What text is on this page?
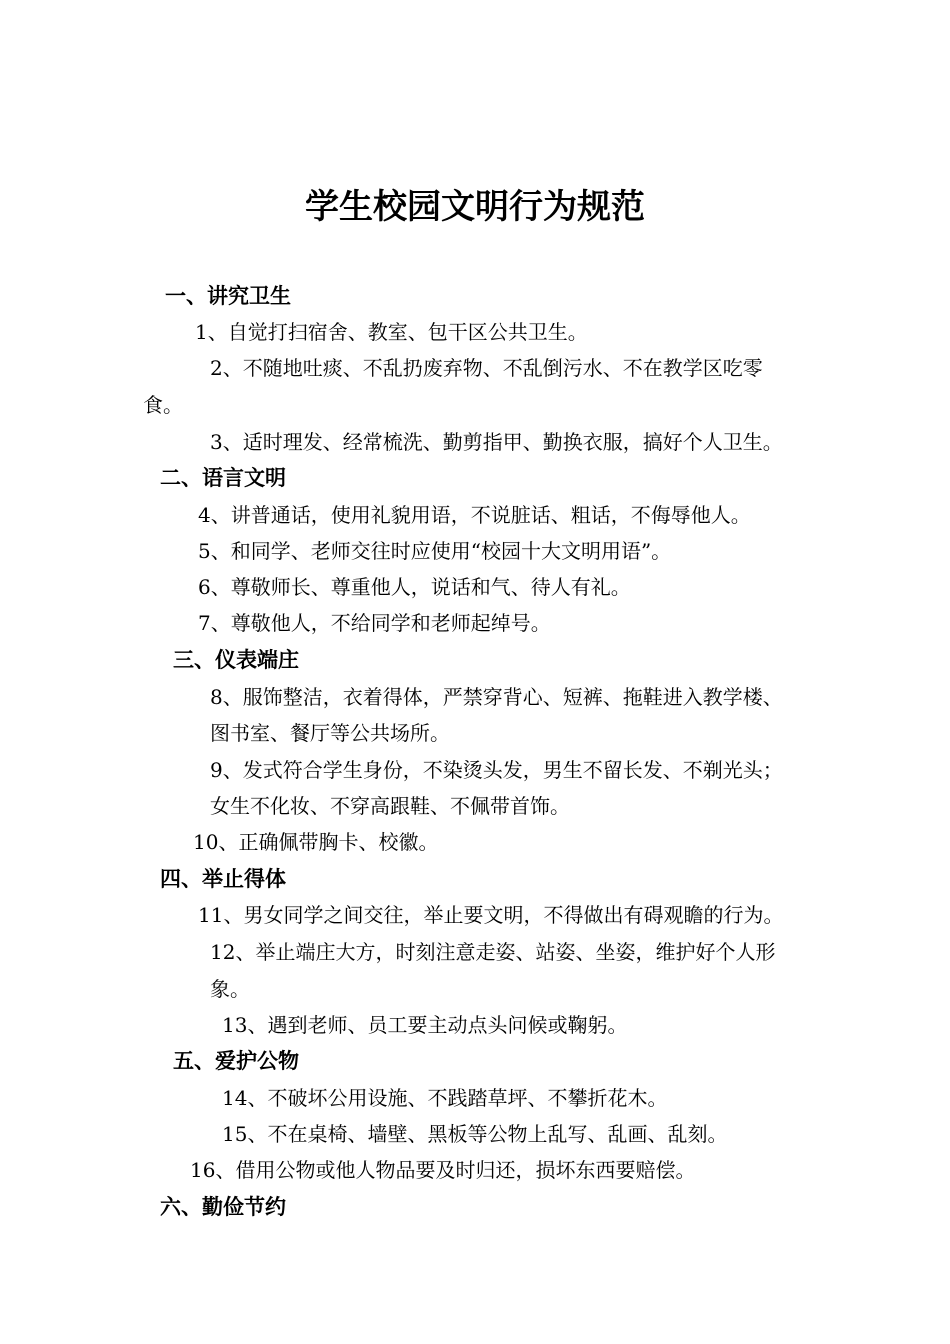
学生校园文明行为规范
一、讲究卫生
1、自觉打扫宿舍、教室、包干区公共卫生。
2、不随地吐痰、不乱扔废弃物、不乱倒污水、不在教学区吃零
食。
3、适时理发、经常梳洗、勤剪指甲、勤换衣服，搞好个人卫生。
二、语言文明
4、讲普通话，使用礼貌用语，不说脏话、粗话，不侮辱他人。
5、和同学、老师交往时应使用“校园十大文明用语”。
6、尊敬师长、尊重他人，说话和气、待人有礼。
7、尊敬他人，不给同学和老师起绰号。
三、仪表端庄
8、服饰整洁，衣着得体，严禁穿背心、短裤、拖鞋进入教学楼、
图书室、餐厅等公共场所。
9、发式符合学生身份，不染烫头发，男生不留长发、不剃光头；
女生不化妆、不穿高跟鞋、不佩带首饰。
10、正确佩带胸卡、校徽。
四、举止得体
11、男女同学之间交往，举止要文明，不得做出有碍观瞻的行为。
12、举止端庄大方，时刻注意走姿、站姿、坐姿，维护好个人形
象。
13、遇到老师、员工要主动点头问候或鞠躬。
五、爱护公物
14、不破坏公用设施、不践踏草坪、不攀折花木。
15、不在桌椅、墙壁、黑板等公物上乱写、乱画、乱刻。
16、借用公物或他人物品要及时归还，损坏东西要赔偿。
六、勤俭节约
